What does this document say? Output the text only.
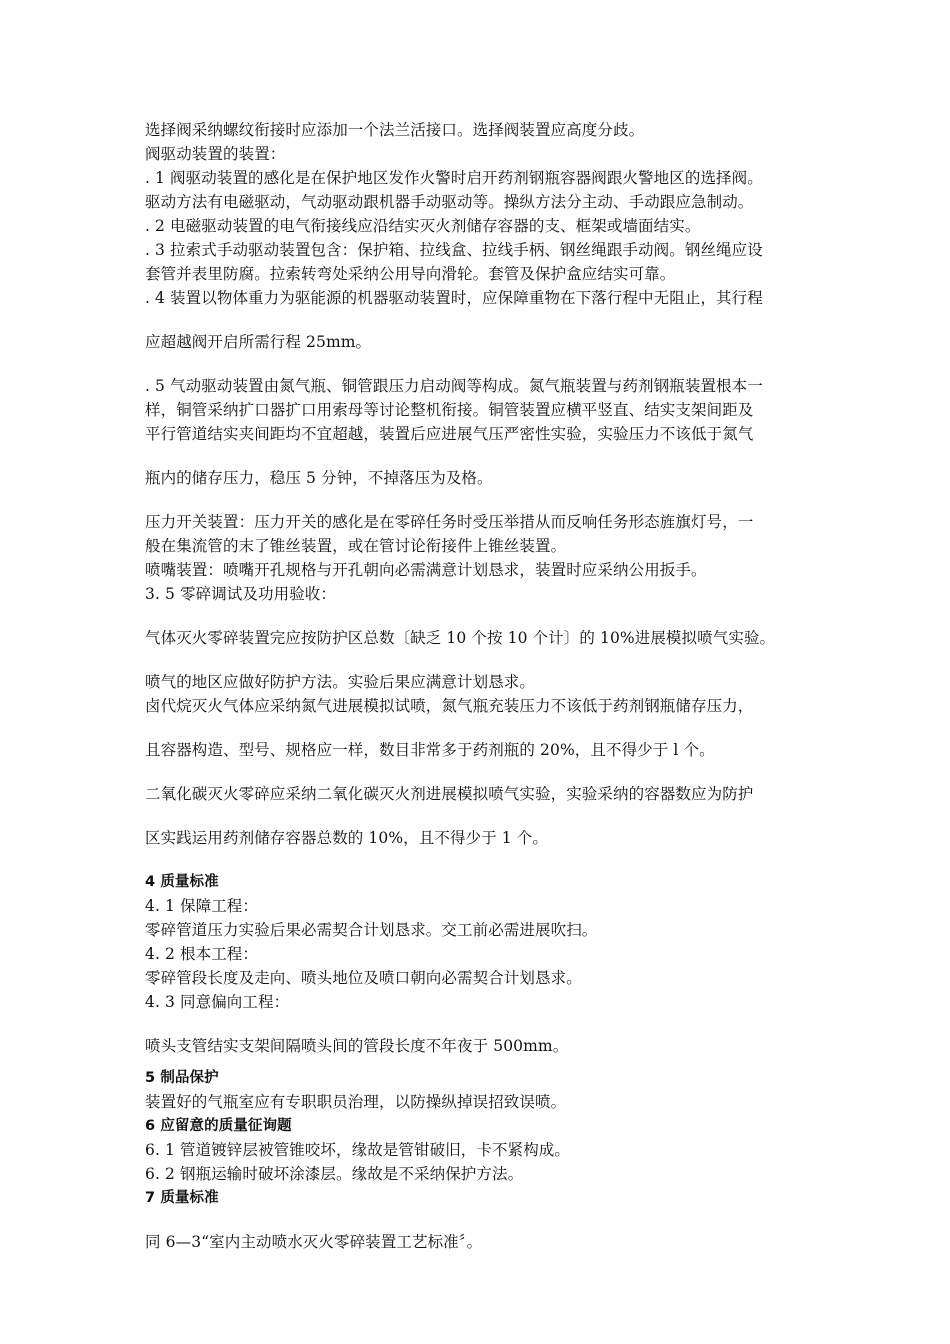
选择阀采纳螺纹衔接时应添加一个法兰活接口。选择阀装置应高度分歧。
阀驱动装置的装置：
. 1 阀驱动装置的感化是在保护地区发作火警时启开药剂钢瓶容器阀跟火警地区的选择阀。
驱动方法有电磁驱动，气动驱动跟机器手动驱动等。操纵方法分主动、手动跟应急制动。
. 2 电磁驱动装置的电气衔接线应沿结实灭火剂储存容器的支、框架或墙面结实。
. 3 拉索式手动驱动装置包含：保护箱、拉线盒、拉线手柄、钢丝绳跟手动阀。钢丝绳应设
套管并表里防腐。拉索转弯处采纳公用导向滑轮。套管及保护盒应结实可靠。
. 4 装置以物体重力为驱能源的机器驱动装置时，应保障重物在下落行程中无阻止，其行程
应超越阀开启所需行程 25mm。
. 5 气动驱动装置由氮气瓶、铜管跟压力启动阀等构成。氮气瓶装置与药剂钢瓶装置根本一
样，铜管采纳扩口器扩口用索母等讨论整机衔接。铜管装置应横平竖直、结实支架间距及
平行管道结实夹间距均不宜超越，装置后应进展气压严密性实验，实验压力不该低于氮气
瓶内的储存压力，稳压 5 分钟，不掉落压为及格。
压力开关装置：压力开关的感化是在零碎任务时受压举措从而反响任务形态旌旗灯号，一
般在集流管的末了锥丝装置，或在管讨论衔接件上锥丝装置。
喷嘴装置：喷嘴开孔规格与开孔朝向必需满意计划恳求，装置时应采纳公用扳手。
3. 5 零碎调试及功用验收：
气体灭火零碎装置完应按防护区总数〔缺乏 10 个按 10 个计〕的 10%进展模拟喷气实验。
喷气的地区应做好防护方法。实验后果应满意计划恳求。
卤代烷灭火气体应采纳氮气进展模拟试喷，氮气瓶充装压力不该低于药剂钢瓶储存压力，
且容器构造、型号、规格应一样，数目非常多于药剂瓶的 20%，且不得少于 l 个。
二氧化碳灭火零碎应采纳二氧化碳灭火剂进展模拟喷气实验，实验采纳的容器数应为防护
区实践运用药剂储存容器总数的 10%，且不得少于 1 个。
4 质量标准
4. 1 保障工程：
零碎管道压力实验后果必需契合计划恳求。交工前必需进展吹扫。
4. 2 根本工程：
零碎管段长度及走向、喷头地位及喷口朝向必需契合计划恳求。
4. 3 同意偏向工程：
喷头支管结实支架间隔喷头间的管段长度不年夜于 500mm。
5 制品保护
装置好的气瓶室应有专职职员治理，以防操纵掉误招致误喷。
6 应留意的质量征询题
6. 1 管道镀锌层被管锥咬坏，缘故是管钳破旧，卡不紧构成。
6. 2 钢瓶运输时破坏涂漆层。缘故是不采纳保护方法。
7 质量标准
同 6—3“室内主动喷水灭火零碎装置工艺标准〞。
